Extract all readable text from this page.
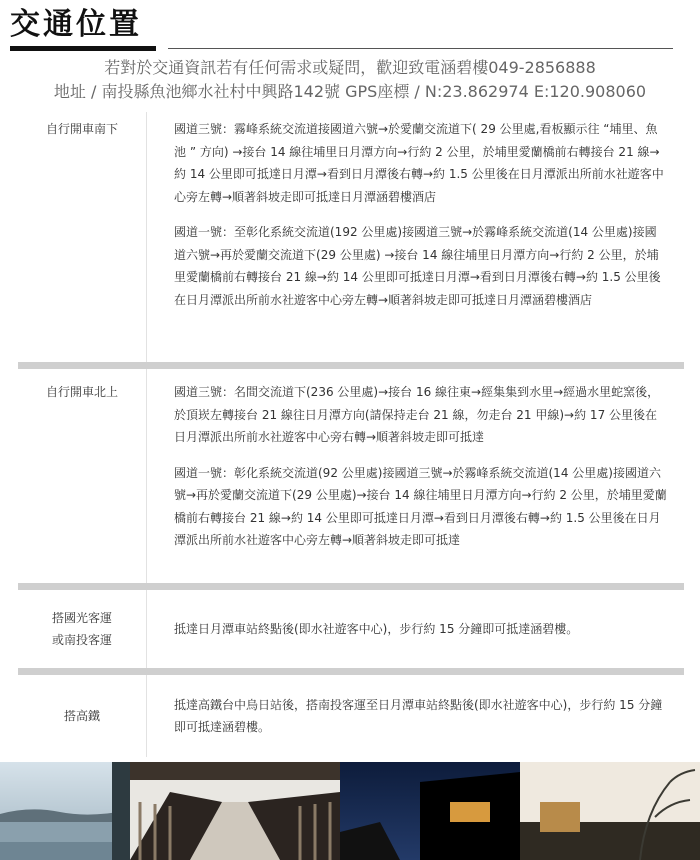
交通位置
若對於交通資訊若有任何需求或疑問，歡迎致電涵碧樓049-2856888
地址 / 南投縣魚池鄉水社村中興路142號 GPS座標 / N:23.862974 E:120.908060
自行開車南下	國道三號：霧峰系統交流道接國道六號→於愛蘭交流道下( 29 公里處,看板顯示往 “埔里、魚池 ” 方向) →接台 14 線往埔里日月潭方向→行約 2 公里，於埔里愛蘭橋前右轉接台 21 線→約 14 公里即可抵達日月潭→看到日月潭後右轉→約 1.5 公里後在日月潭派出所前水社遊客中心旁左轉→順著斜坡走即可抵達日月潭涵碧樓酒店

國道一號：至彰化系統交流道(192 公里處)接國道三號→於霧峰系統交流道(14 公里處)接國道六號→再於愛蘭交流道下(29 公里處) →接台 14 線往埔里日月潭方向→行約 2 公里，於埔里愛蘭橋前右轉接台 21 線→約 14 公里即可抵達日月潭→看到日月潭後右轉→約 1.5 公里後在日月潭派出所前水社遊客中心旁左轉→順著斜坡走即可抵達日月潭涵碧樓酒店

自行開車北上	國道三號：名間交流道下(236 公里處)→接台 16 線往東→經集集到水里→經過水里蛇窯後，於頂崁左轉接台 21 線往日月潭方向(請保持走台 21 線，勿走台 21 甲線)→約 17 公里後在日月潭派出所前水社遊客中心旁右轉→順著斜坡走即可抵達

國道一號：彰化系統交流道(92 公里處)接國道三號→於霧峰系統交流道(14 公里處)接國道六號→再於愛蘭交流道下(29 公里處)→接台 14 線往埔里日月潭方向→行約 2 公里，於埔里愛蘭橋前右轉接台 21 線→約 14 公里即可抵達日月潭→看到日月潭後右轉→約 1.5 公里後在日月潭派出所前水社遊客中心旁左轉→順著斜坡走即可抵達

搭國光客運
或南投客運

抵達日月潭車站終點後(即水社遊客中心)，步行約 15 分鐘即可抵達涵碧樓。

搭高鐵

抵達高鐵台中烏日站後，搭南投客運至日月潭車站終點後(即水社遊客中心)，步行約 15 分鐘即可抵達涵碧樓。
